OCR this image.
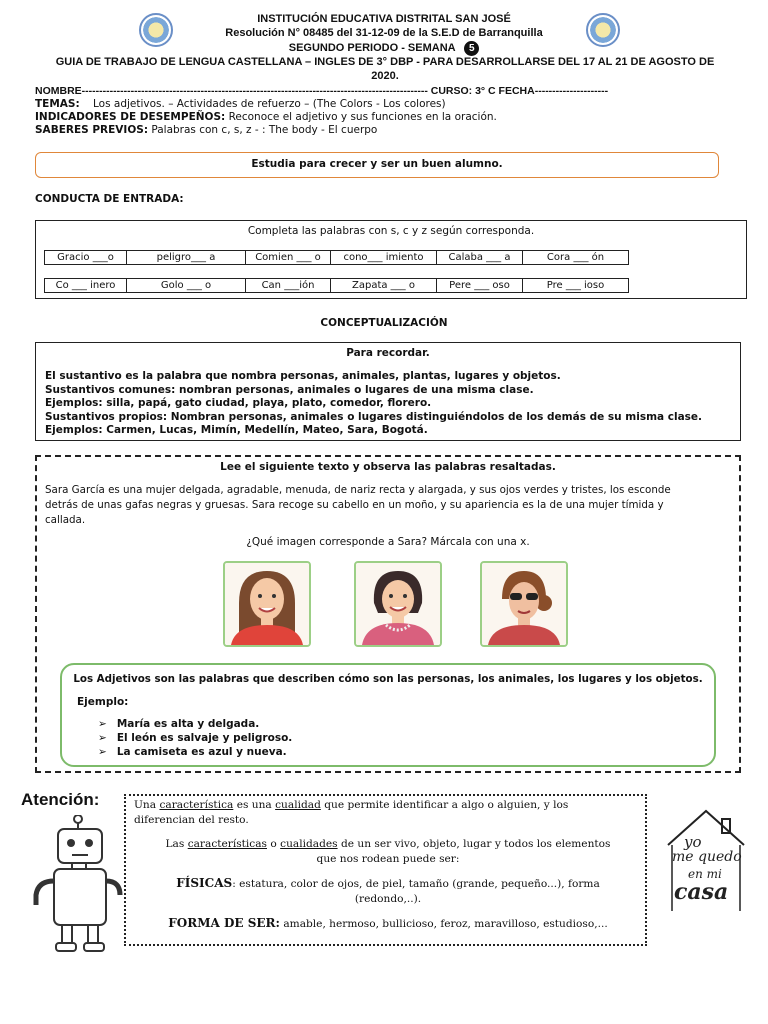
INSTITUCIÓN EDUCATIVA DISTRITAL SAN JOSÉ
Resolución N° 08485 del 31-12-09 de la S.E.D de Barranquilla
SEGUNDO PERIODO - SEMANA 5
GUIA DE TRABAJO DE LENGUA CASTELLANA – INGLES DE 3° DBP - PARA DESARROLLARSE DEL 17 AL 21 DE AGOSTO DE
2020.
NOMBRE--------------------------------------------------------------------------------------------------- CURSO: 3° C FECHA---------------------
TEMAS: Los adjetivos. – Actividades de refuerzo – (The Colors - Los colores)
INDICADORES DE DESEMPEÑOS: Reconoce el adjetivo y sus funciones en la oración.
SABERES PREVIOS: Palabras con c, s, z - : The body - El cuerpo
Estudia para crecer y ser un buen alumno.
CONDUCTA DE ENTRADA:
Completa las palabras con s, c y z según corresponda.
Gracio ___o	peligro___ a	Comien ___ o	cono___ imiento	Calaba ___ a	Cora ___ ón
Co ___ inero	Golo ___ o	Can ___ión	Zapata ___ o	Pere ___ oso	Pre ___ ioso
CONCEPTUALIZACIÓN
Para recordar.
El sustantivo es la palabra que nombra personas, animales, plantas, lugares y objetos.
Sustantivos comunes: nombran personas, animales o lugares de una misma clase.
Ejemplos: silla, papá, gato ciudad, playa, plato, comedor, florero.
Sustantivos propios: Nombran personas, animales o lugares distinguiéndolos de los demás de su misma clase.
Ejemplos: Carmen, Lucas, Mimín, Medellín, Mateo, Sara, Bogotá.
Lee el siguiente texto y observa las palabras resaltadas.
Sara García es una mujer delgada, agradable, menuda, de nariz recta y alargada, y sus ojos verdes y tristes, los esconde
detrás de unas gafas negras y gruesas. Sara recoge su cabello en un moño, y su apariencia es la de una mujer tímida y
callada.
¿Qué imagen corresponde a Sara? Márcala con una x.
Los Adjetivos son las palabras que describen cómo son las personas, los animales, los lugares y los objetos.
Ejemplo:
➢ María es alta y delgada.
➢ El león es salvaje y peligroso.
➢ La camiseta es azul y nueva.
Atención:	Una característica es una cualidad que permite identificar a algo o alguien, y los
diferencian del resto.
Las características o cualidades de un ser vivo, objeto, lugar y todos los elementos
que nos rodean puede ser:
FÍSICAS: estatura, color de ojos, de piel, tamaño (grande, pequeño...), forma
(redondo,..).
FORMA DE SER: amable, hermoso, bullicioso, feroz, maravilloso, estudioso,...
yo
me quedo
en mi
casa
